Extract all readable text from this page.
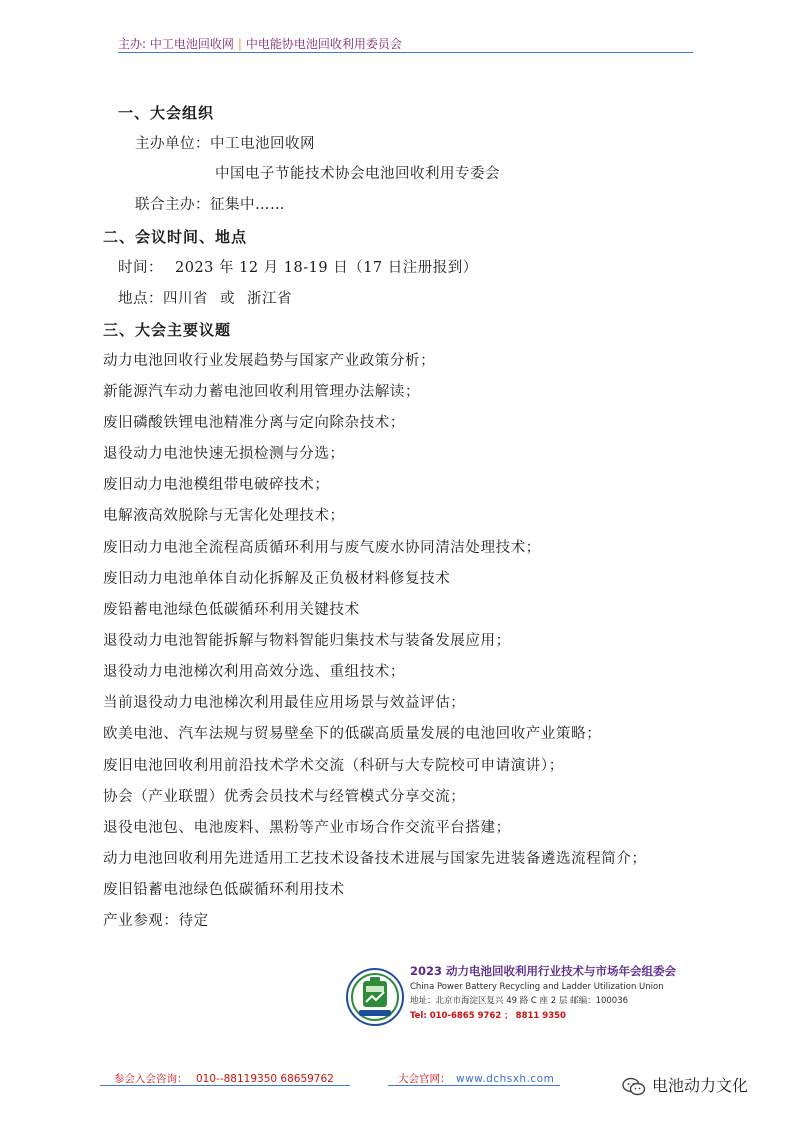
主办: 中工电池回收网 | 中电能协电池回收利用委员会
一、大会组织
主办单位：中工电池回收网
中国电子节能技术协会电池回收利用专委会
联合主办：征集中……
二、会议时间、地点
时间： 2023 年 12 月 18-19 日（17 日注册报到）
地点：四川省 或 浙江省
三、大会主要议题
动力电池回收行业发展趋势与国家产业政策分析；
新能源汽车动力蓄电池回收利用管理办法解读；
废旧磷酸铁锂电池精准分离与定向除杂技术；
退役动力电池快速无损检测与分选；
废旧动力电池模组带电破碎技术；
电解液高效脱除与无害化处理技术；
废旧动力电池全流程高质循环利用与废气废水协同清洁处理技术；
废旧动力电池单体自动化拆解及正负极材料修复技术
废铅蓄电池绿色低碳循环利用关键技术
退役动力电池智能拆解与物料智能归集技术与装备发展应用；
退役动力电池梯次利用高效分选、重组技术；
当前退役动力电池梯次利用最佳应用场景与效益评估；
欧美电池、汽车法规与贸易壁垒下的低碳高质量发展的电池回收产业策略；
废旧电池回收利用前沿技术学术交流（科研与大专院校可申请演讲）；
协会（产业联盟）优秀会员技术与经管模式分享交流；
退役电池包、电池废料、黑粉等产业市场合作交流平台搭建；
动力电池回收利用先进适用工艺技术设备技术进展与国家先进装备遴选流程简介；
废旧铅蓄电池绿色低碳循环利用技术
产业参观：待定
2023 动力电池回收利用行业技术与市场年会组委会
China Power Battery Recycling and Ladder Utilization Union
地址：北京市海淀区复兴 49 路 C 座 2 层 邮编：100036
Tel: 010-6865 9762 ； 8811 9350
参会入会咨询： 010--88119350 68659762	大会官网： www.dchsxh.com	电池动力文化
